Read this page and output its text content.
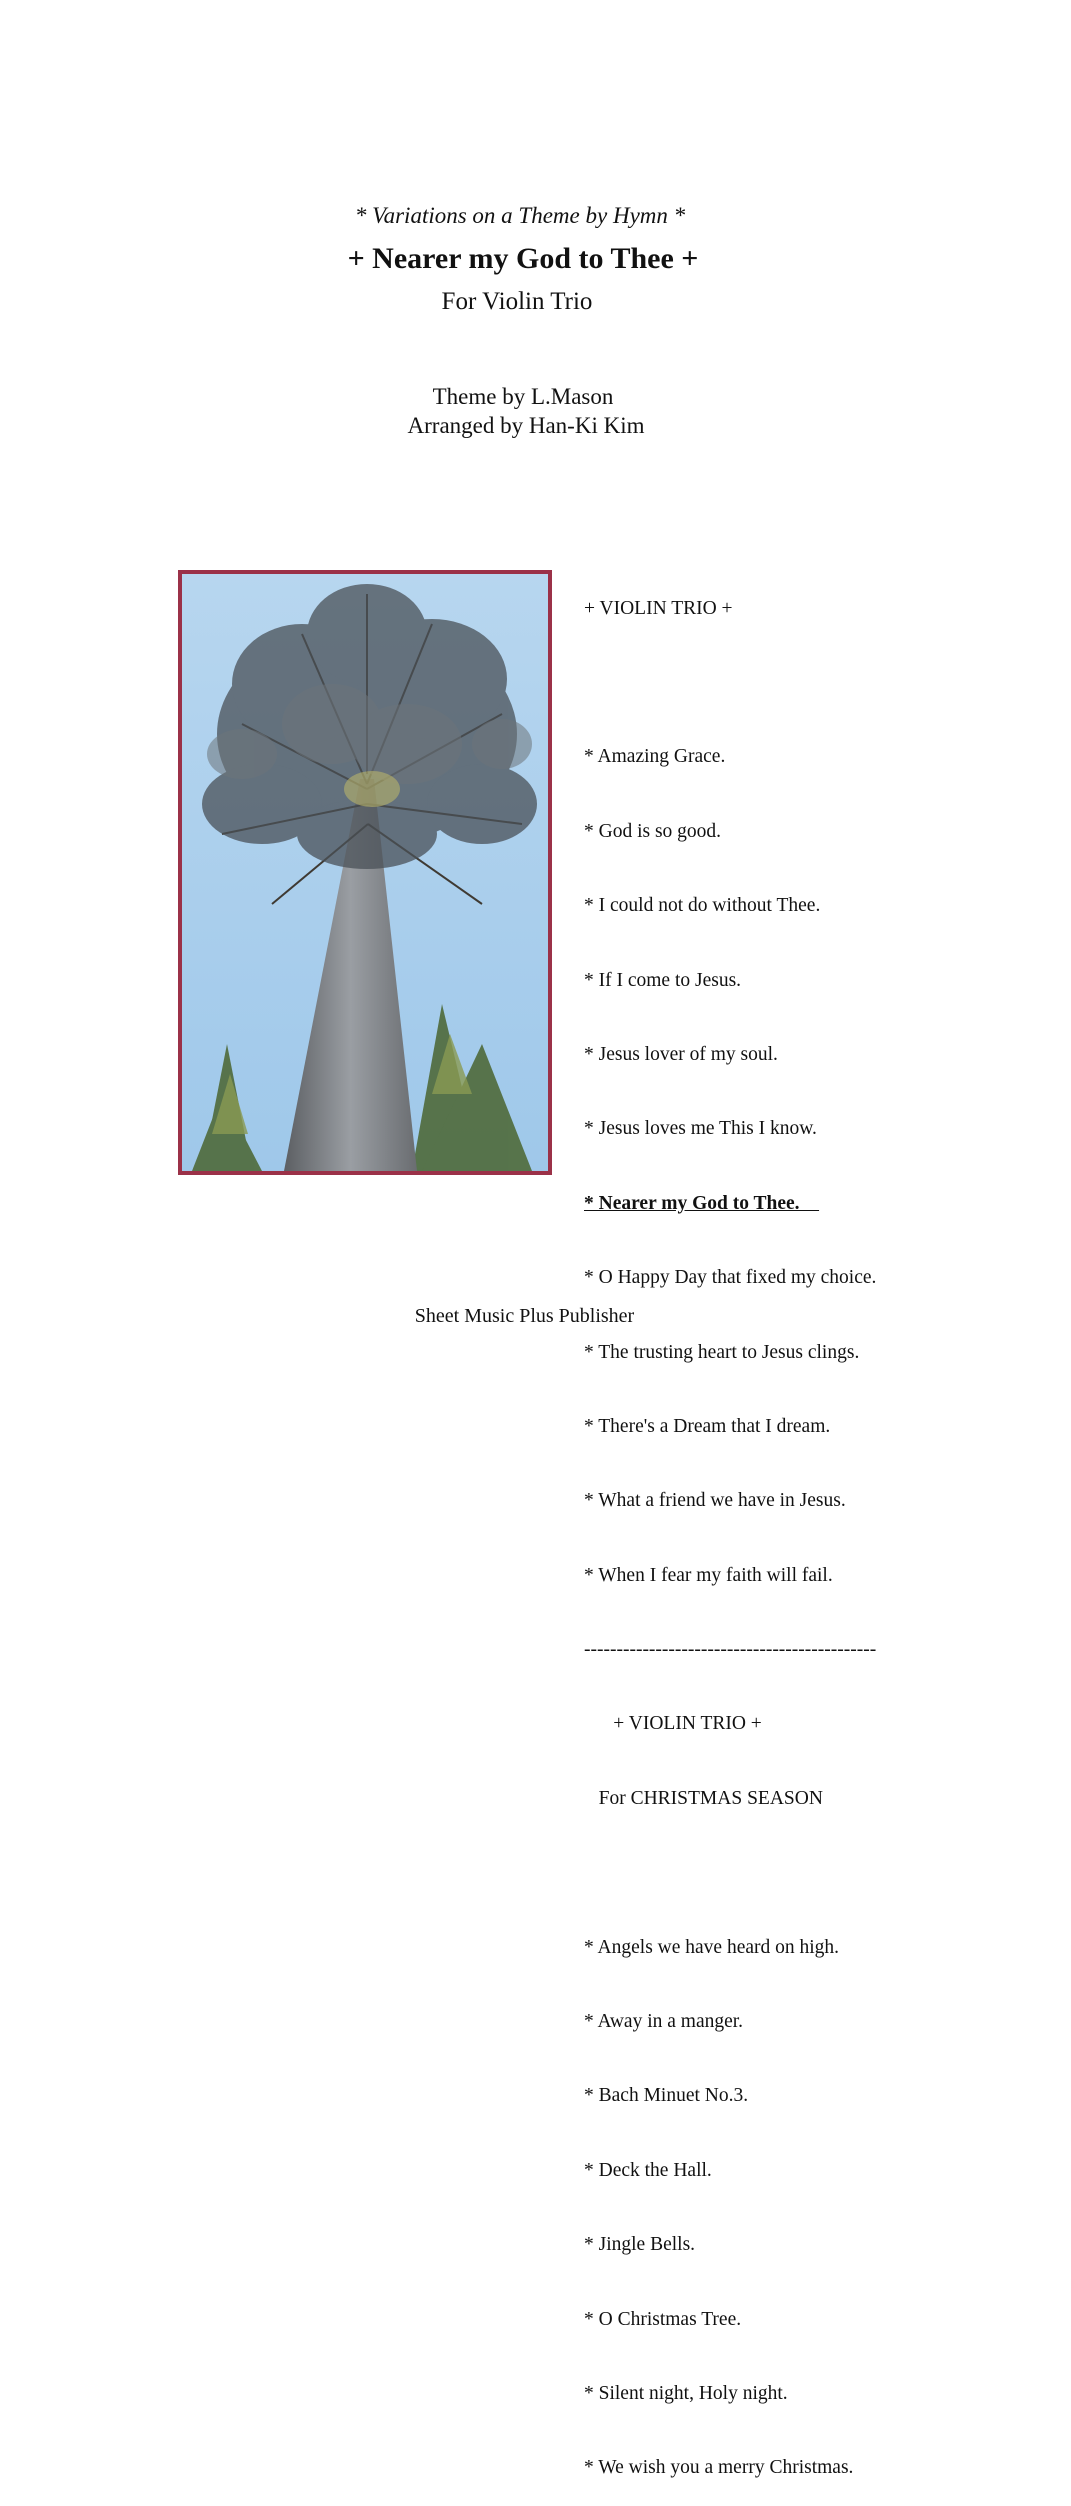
* Variations on a Theme by Hymn *
+ Nearer my God to Thee +
For Violin Trio
Theme by L.Mason
Arranged by Han-Ki Kim

+ VIOLIN TRIO +

* Amazing Grace.

* God is so good.

* I could not do without Thee.

* If I come to Jesus.

* Jesus lover of my soul.

* Jesus loves me This I know.

* Nearer my God to Thee.

* O Happy Day that fixed my choice.

* The trusting heart to Jesus clings.

* There's a Dream that I dream.

* What a friend we have in Jesus.

* When I fear my faith will fail.

---------------------------------------------

+ VIOLIN TRIO +

For CHRISTMAS SEASON

* Angels we have heard on high.

* Away in a manger.

* Bach Minuet No.3.

* Deck the Hall.

* Jingle Bells.

* O Christmas Tree.

* Silent night, Holy night.

* We wish you a merry Christmas.

Sheet Music Plus Publisher
